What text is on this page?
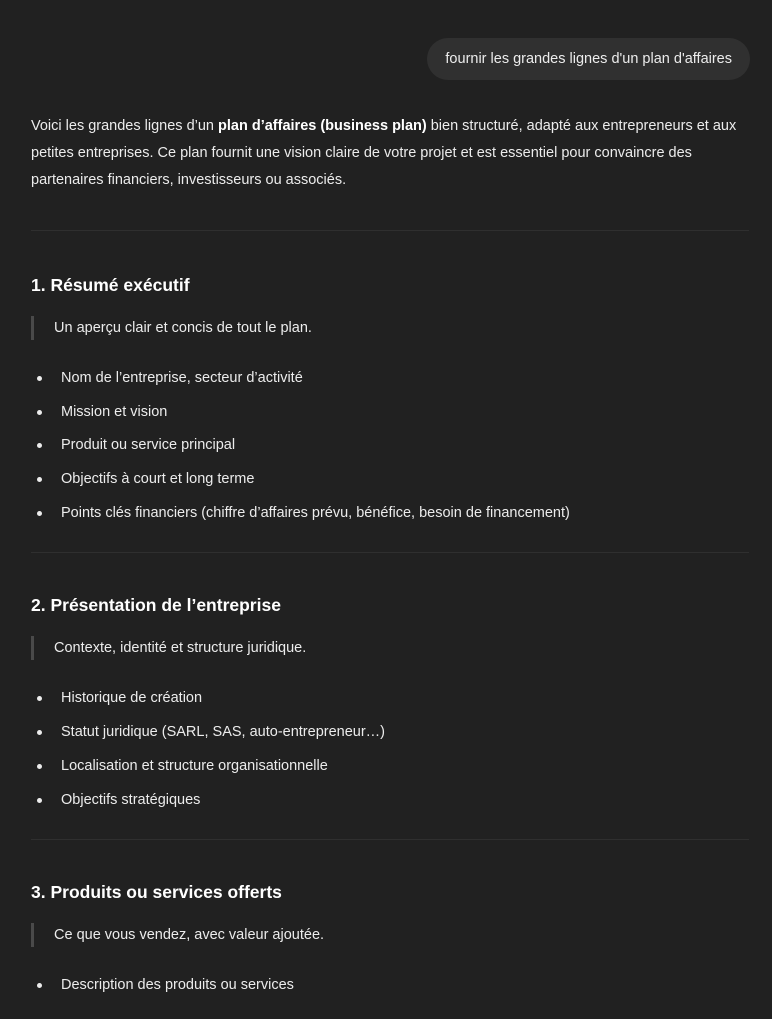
fournir les grandes lignes d'un plan d'affaires

Voici les grandes lignes d’un plan d’affaires (business plan) bien structuré, adapté aux entrepreneurs et aux petites entreprises. Ce plan fournit une vision claire de votre projet et est essentiel pour convaincre des partenaires financiers, investisseurs ou associés.

1. Résumé exécutif

Un aperçu clair et concis de tout le plan.

Nom de l’entreprise, secteur d’activité
Mission et vision
Produit ou service principal
Objectifs à court et long terme
Points clés financiers (chiffre d’affaires prévu, bénéfice, besoin de financement)
2. Présentation de l’entreprise

Contexte, identité et structure juridique.

Historique de création
Statut juridique (SARL, SAS, auto-entrepreneur…)
Localisation et structure organisationnelle
Objectifs stratégiques
3. Produits ou services offerts

Ce que vous vendez, avec valeur ajoutée.

Description des produits ou services
